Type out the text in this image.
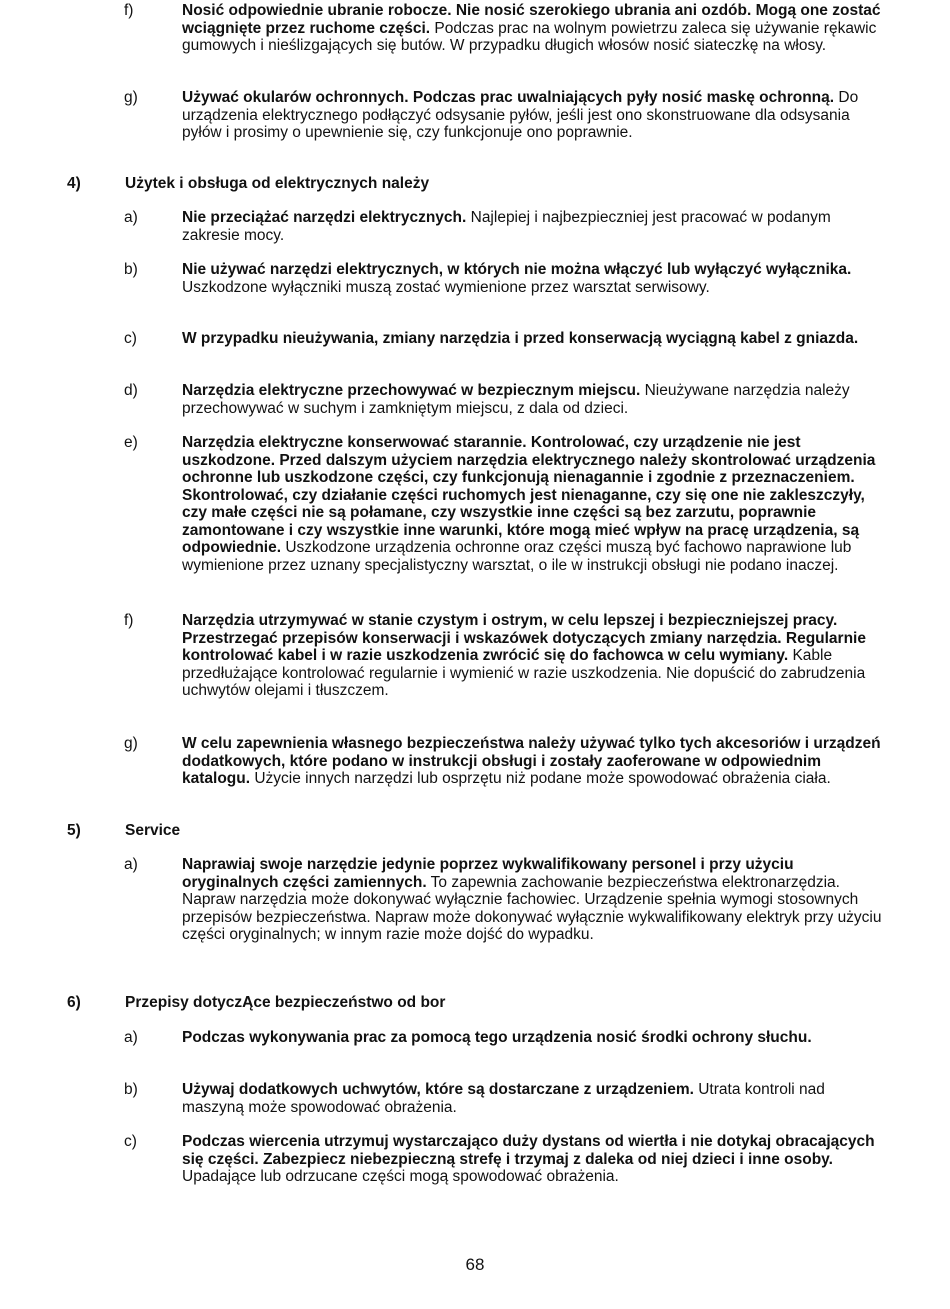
f)	Nosić odpowiednie ubranie robocze. Nie nosić szerokiego ubrania ani ozdób. Mogą one zostać wciągnięte przez ruchome części. Podczas prac na wolnym powietrzu zaleca się używanie rękawic gumowych i nieślizgających się butów. W przypadku długich włosów nosić siateczkę na włosy.
g)	Używać okularów ochronnych. Podczas prac uwalniających pyły nosić maskę ochronną. Do urządzenia elektrycznego podłączyć odsysanie pyłów, jeśli jest ono skonstruowane dla odsysania pyłów i prosimy o upewnienie się, czy funkcjonuje ono poprawnie.
4)	Użytek i obsługa od elektrycznych należy
a)	Nie przeciążać narzędzi elektrycznych. Najlepiej i najbezpieczniej jest pracować w podanym zakresie mocy.
b)	Nie używać narzędzi elektrycznych, w których nie można włączyć lub wyłączyć wyłącznika. Uszkodzone wyłączniki muszą zostać wymienione przez warsztat serwisowy.
c)	W przypadku nieużywania, zmiany narzędzia i przed konserwacją wyciągną kabel z gniazda.
d)	Narzędzia elektryczne przechowywać w bezpiecznym miejscu. Nieużywane narzędzia należy przechowywać w suchym i zamkniętym miejscu, z dala od dzieci.
e)	Narzędzia elektryczne konserwować starannie. Kontrolować, czy urządzenie nie jest uszkodzone. Przed dalszym użyciem narzędzia elektrycznego należy skontrolować urządzenia ochronne lub uszkodzone części, czy funkcjonują nienagannie i zgodnie z przeznaczeniem. Skontrolować, czy działanie części ruchomych jest nienaganne, czy się one nie zakleszczyły, czy małe części nie są połamane, czy wszystkie inne części są bez zarzutu, poprawnie zamontowane i czy wszystkie inne warunki, które mogą mieć wpływ na pracę urządzenia, są odpowiednie. Uszkodzone urządzenia ochronne oraz części muszą być fachowo naprawione lub wymienione przez uznany specjalistyczny warsztat, o ile w instrukcji obsługi nie podano inaczej.
f)	Narzędzia utrzymywać w stanie czystym i ostrym, w celu lepszej i bezpieczniejszej pracy. Przestrzegać przepisów konserwacji i wskazówek dotyczących zmiany narzędzia. Regularnie kontrolować kabel i w razie uszkodzenia zwrócić się do fachowca w celu wymiany. Kable przedłużające kontrolować regularnie i wymienić w razie uszkodzenia. Nie dopuścić do zabrudzenia uchwytów olejami i tłuszczem.
g)	W celu zapewnienia własnego bezpieczeństwa należy używać tylko tych akcesoriów i urządzeń dodatkowych, które podano w instrukcji obsługi i zostały zaoferowane w odpowiednim katalogu. Użycie innych narzędzi lub osprzętu niż podane może spowodować obrażenia ciała.
5)	Service
a)	Naprawiaj swoje narzędzie jedynie poprzez wykwalifikowany personel i przy użyciu oryginalnych części zamiennych. To zapewnia zachowanie bezpieczeństwa elektronarzędzia.
Napraw narzędzia może dokonywać wyłącznie fachowiec. Urządzenie spełnia wymogi stosownych przepisów bezpieczeństwa. Napraw może dokonywać wyłącznie wykwalifikowany elektryk przy użyciu części oryginalnych; w innym razie może dojść do wypadku.
6)	Przepisy dotyczĄce bezpieczeństwo od bor
a)	Podczas wykonywania prac za pomocą tego urządzenia nosić środki ochrony słuchu.
b)	Używaj dodatkowych uchwytów, które są dostarczane z urządzeniem. Utrata kontroli nad maszyną może spowodować obrażenia.
c)	Podczas wiercenia utrzymuj wystarczająco duży dystans od wiertła i nie dotykaj obracających się części. Zabezpiecz niebezpieczną strefę i trzymaj z daleka od niej dzieci i inne osoby. Upadające lub odrzucane części mogą spowodować obrażenia.
68
